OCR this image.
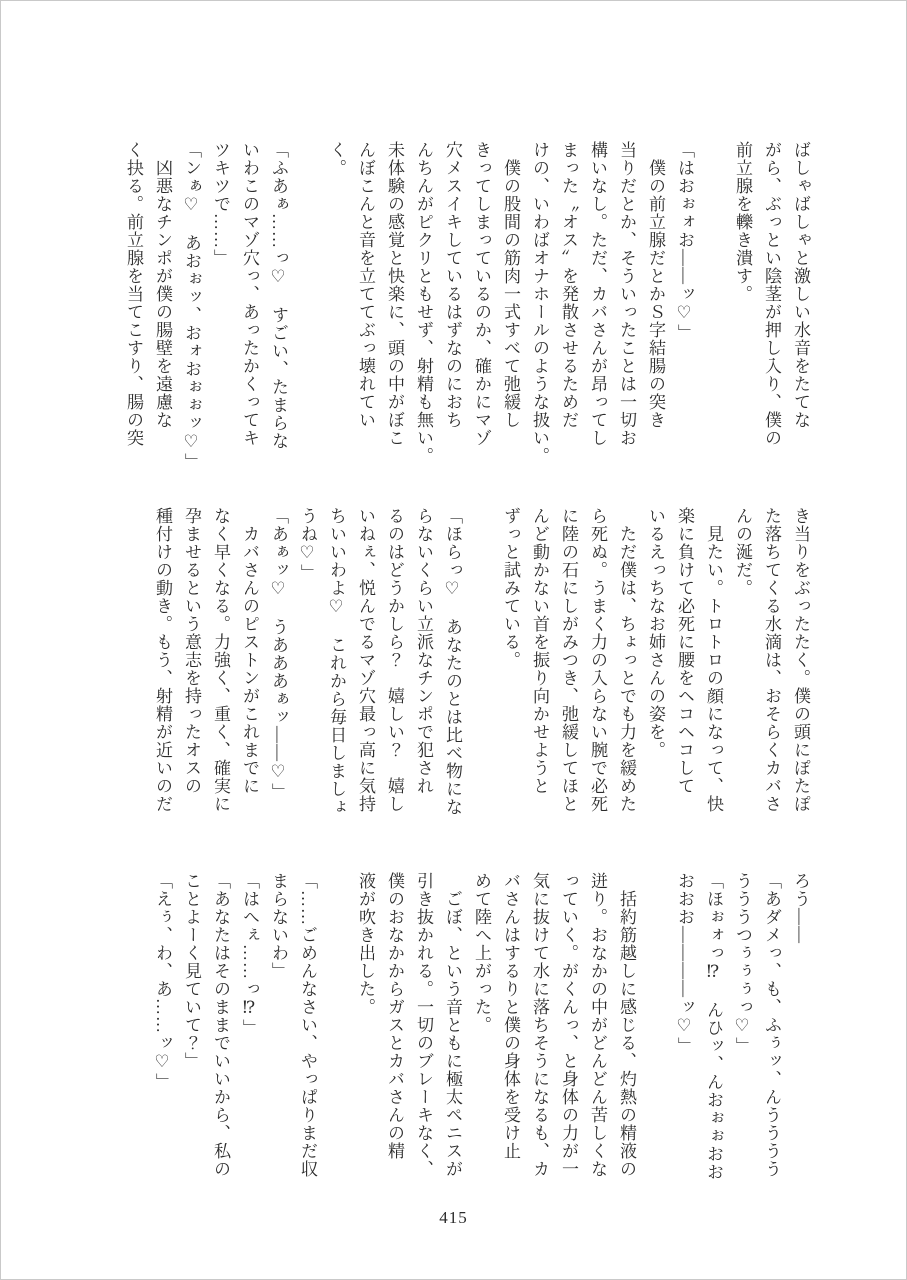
ばしゃばしゃと激しい水音をたてな

がら、ぶっとい陰茎が押し入り、僕の

前立腺を轢き潰す。

「はおぉォお――ッ♡」

僕の前立腺だとかＳ字結腸の突き

当りだとか、そういったことは一切お

構いなし。ただ、カバさんが昂ってし

まった〝オス〟を発散させるためだ

けの、いわばオナホールのような扱い。

僕の股間の筋肉一式すべて弛緩し

きってしまっているのか、確かにマゾ

穴メスイキしているはずなのにおち

んちんがピクリともせず、射精も無い。

未体験の感覚と快楽に、頭の中がぼこ

んぼこんと音を立ててぶっ壊れてい

く。

「ふあぁ……っ♡　すごい、たまらな

いわこのマゾ穴っ、あったかくってキ

ツキツで……」

「ンぁ♡　あおぉッ、おォおぉぉッ♡」

凶悪なチンポが僕の腸壁を遠慮な

く抉る。前立腺を当てこすり、腸の突

き当りをぶったたく。僕の頭にぽたぽ

た落ちてくる水滴は、おそらくカバさ

んの涎だ。

見たい。トロトロの顔になって、快

楽に負けて必死に腰をヘコヘコして

いるえっちなお姉さんの姿を。

ただ僕は、ちょっとでも力を緩めた

ら死ぬ。うまく力の入らない腕で必死

に陸の石にしがみつき、弛緩してほと

んど動かない首を振り向かせようと

ずっと試みている。

「ほらっ♡　あなたのとは比べ物にな

らないくらい立派なチンポで犯され

るのはどうかしら？　嬉しい？　嬉し

いねぇ、悦んでるマゾ穴最っ高に気持

ちいいわよ♡　これから毎日しましょ

うね♡」

「あぁッ♡　うあああぁッ――♡」

カバさんのピストンがこれまでに

なく早くなる。力強く、重く、確実に

孕ませるという意志を持ったオスの

種付けの動き。もう、射精が近いのだ

ろう――

「あダメっ、も、ふぅッ、んうううう

うううつぅぅぅっ♡」

「ほぉォっ⁉　んひッ、んおぉぉおお

おおお――――ッ♡」

括約筋越しに感じる、灼熱の精液の

迸り。おなかの中がどんどん苦しくな

っていく。がくんっ、と身体の力が一

気に抜けて水に落ちそうになるも、カ

バさんはするりと僕の身体を受け止

めて陸へ上がった。

ごぼ、という音ともに極太ペニスが

引き抜かれる。一切のブレーキなく、

僕のおなかからガスとカバさんの精

液が吹き出した。

「……ごめんなさい、やっぱりまだ収

まらないわ」

「はへぇ……っ⁉」

「あなたはそのままでいいから、私の

ことよーく見ていて？」

「えぅ、わ、あ……ッ♡」

415
